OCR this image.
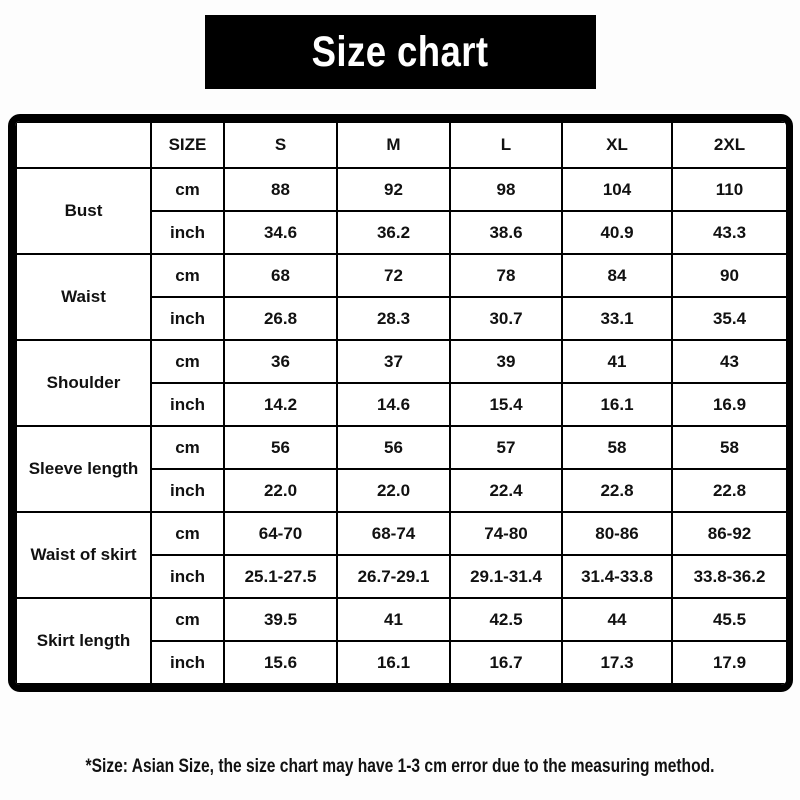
Size chart
	SIZE	S	M	L	XL	2XL
Bust	cm	88	92	98	104	110
	inch	34.6	36.2	38.6	40.9	43.3
Waist	cm	68	72	78	84	90
	inch	26.8	28.3	30.7	33.1	35.4
Shoulder	cm	36	37	39	41	43
	inch	14.2	14.6	15.4	16.1	16.9
Sleeve length	cm	56	56	57	58	58
	inch	22.0	22.0	22.4	22.8	22.8
Waist of skirt	cm	64-70	68-74	74-80	80-86	86-92
	inch	25.1-27.5	26.7-29.1	29.1-31.4	31.4-33.8	33.8-36.2
Skirt length	cm	39.5	41	42.5	44	45.5
	inch	15.6	16.1	16.7	17.3	17.9
*Size: Asian Size, the size chart may have 1-3 cm error due to the measuring method.
